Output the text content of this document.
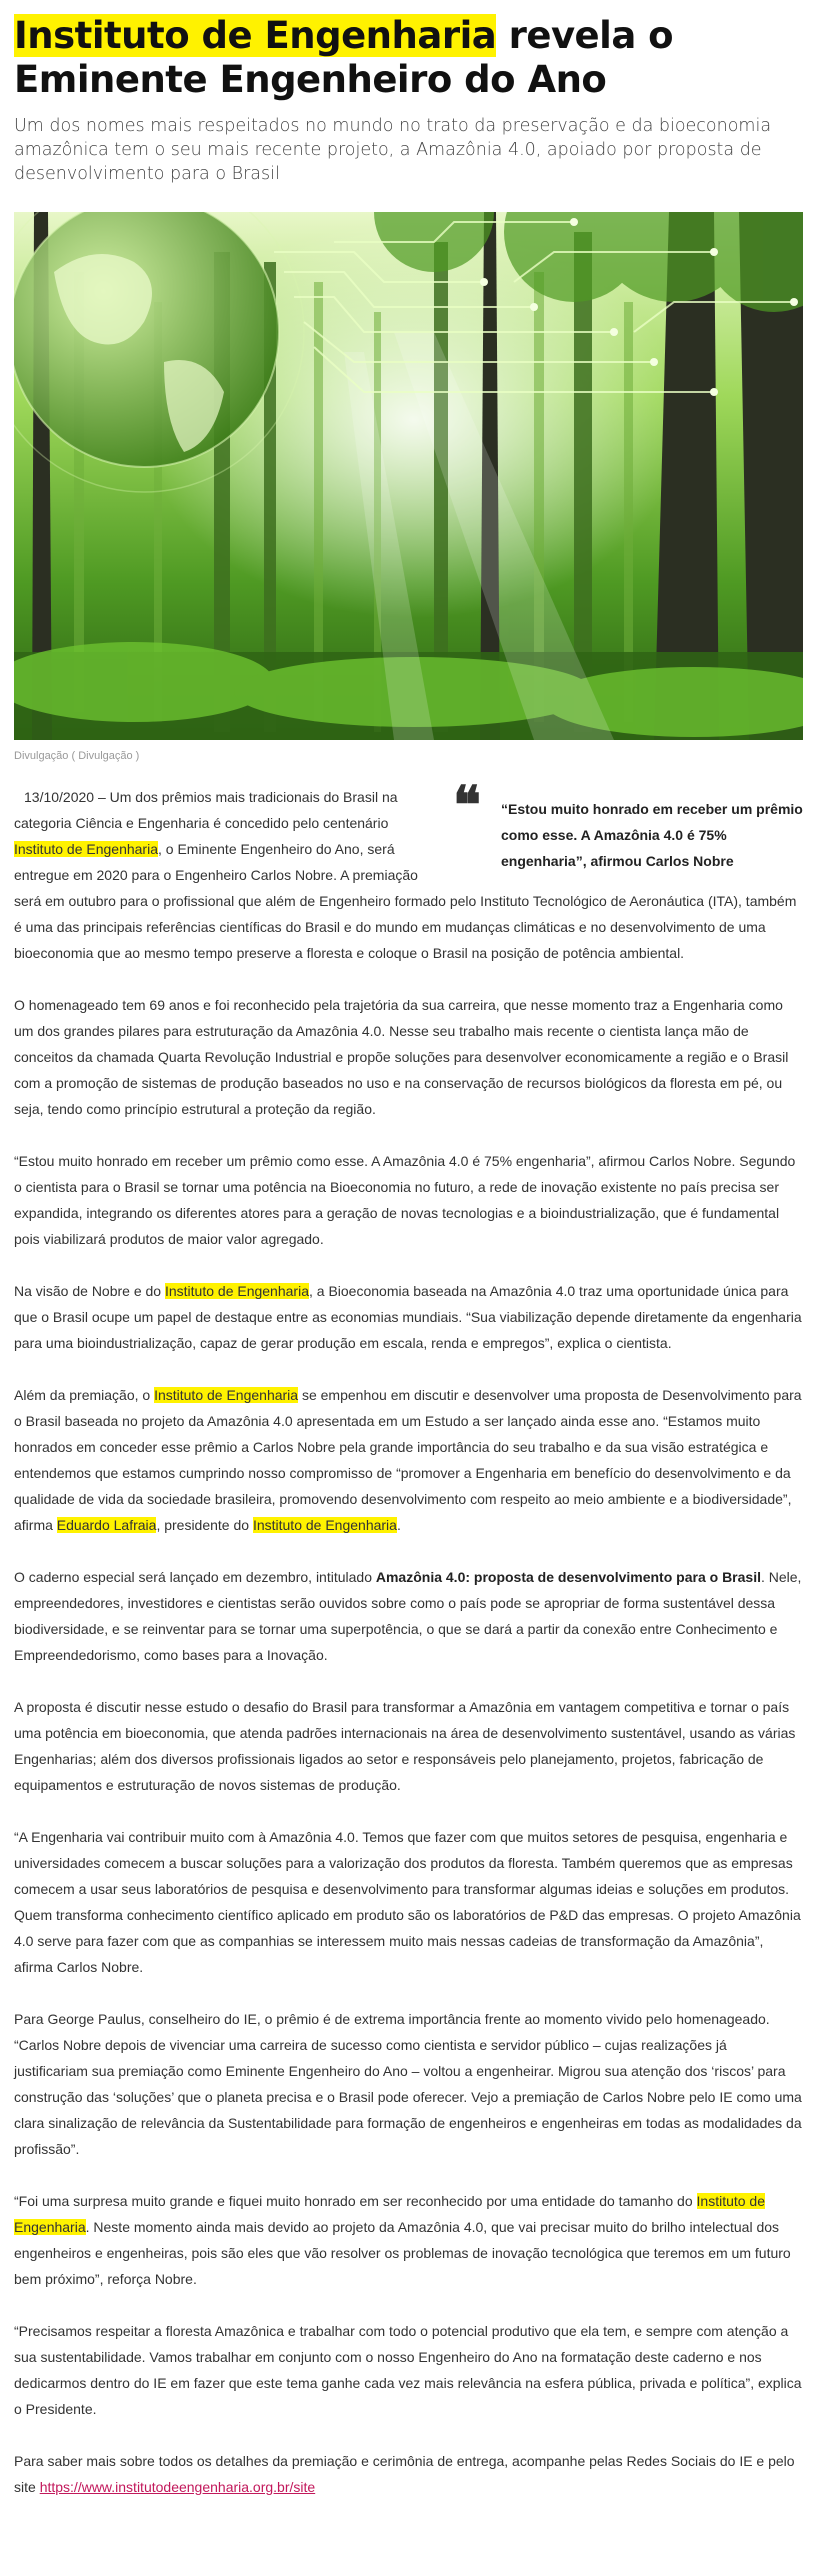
Instituto de Engenharia revela o Eminente Engenheiro do Ano

Um dos nomes mais respeitados no mundo no trato da preservação e da bioeconomia amazônica tem o seu mais recente projeto, a Amazônia 4.0, apoiado por proposta de desenvolvimento para o Brasil

Divulgação ( Divulgação )
❝ “Estou muito honrado em receber um prêmio como esse. A Amazônia 4.0 é 75% engenharia”, afirmou Carlos Nobre

13/10/2020 – Um dos prêmios mais tradicionais do Brasil na categoria Ciência e Engenharia é concedido pelo centenário Instituto de Engenharia, o Eminente Engenheiro do Ano, será entregue em 2020 para o Engenheiro Carlos Nobre. A premiação será em outubro para o profissional que além de Engenheiro formado pelo Instituto Tecnológico de Aeronáutica (ITA), também é uma das principais referências científicas do Brasil e do mundo em mudanças climáticas e no desenvolvimento de uma bioeconomia que ao mesmo tempo preserve a floresta e coloque o Brasil na posição de potência ambiental.

O homenageado tem 69 anos e foi reconhecido pela trajetória da sua carreira, que nesse momento traz a Engenharia como um dos grandes pilares para estruturação da Amazônia 4.0. Nesse seu trabalho mais recente o cientista lança mão de conceitos da chamada Quarta Revolução Industrial e propõe soluções para desenvolver economicamente a região e o Brasil com a promoção de sistemas de produção baseados no uso e na conservação de recursos biológicos da floresta em pé, ou seja, tendo como princípio estrutural a proteção da região.

“Estou muito honrado em receber um prêmio como esse. A Amazônia 4.0 é 75% engenharia”, afirmou Carlos Nobre. Segundo o cientista para o Brasil se tornar uma potência na Bioeconomia no futuro, a rede de inovação existente no país precisa ser expandida, integrando os diferentes atores para a geração de novas tecnologias e a bioindustrialização, que é fundamental pois viabilizará produtos de maior valor agregado.

Na visão de Nobre e do Instituto de Engenharia, a Bioeconomia baseada na Amazônia 4.0 traz uma oportunidade única para que o Brasil ocupe um papel de destaque entre as economias mundiais. “Sua viabilização depende diretamente da engenharia para uma bioindustrialização, capaz de gerar produção em escala, renda e empregos”, explica o cientista.

Além da premiação, o Instituto de Engenharia se empenhou em discutir e desenvolver uma proposta de Desenvolvimento para o Brasil baseada no projeto da Amazônia 4.0 apresentada em um Estudo a ser lançado ainda esse ano. “Estamos muito honrados em conceder esse prêmio a Carlos Nobre pela grande importância do seu trabalho e da sua visão estratégica e entendemos que estamos cumprindo nosso compromisso de “promover a Engenharia em benefício do desenvolvimento e da qualidade de vida da sociedade brasileira, promovendo desenvolvimento com respeito ao meio ambiente e a biodiversidade”, afirma Eduardo Lafraia, presidente do Instituto de Engenharia.

O caderno especial será lançado em dezembro, intitulado Amazônia 4.0: proposta de desenvolvimento para o Brasil. Nele, empreendedores, investidores e cientistas serão ouvidos sobre como o país pode se apropriar de forma sustentável dessa biodiversidade, e se reinventar para se tornar uma superpotência, o que se dará a partir da conexão entre Conhecimento e Empreendedorismo, como bases para a Inovação.

A proposta é discutir nesse estudo o desafio do Brasil para transformar a Amazônia em vantagem competitiva e tornar o país uma potência em bioeconomia, que atenda padrões internacionais na área de desenvolvimento sustentável, usando as várias Engenharias; além dos diversos profissionais ligados ao setor e responsáveis pelo planejamento, projetos, fabricação de equipamentos e estruturação de novos sistemas de produção.

“A Engenharia vai contribuir muito com à Amazônia 4.0. Temos que fazer com que muitos setores de pesquisa, engenharia e universidades comecem a buscar soluções para a valorização dos produtos da floresta. Também queremos que as empresas comecem a usar seus laboratórios de pesquisa e desenvolvimento para transformar algumas ideias e soluções em produtos. Quem transforma conhecimento científico aplicado em produto são os laboratórios de P&D das empresas. O projeto Amazônia 4.0 serve para fazer com que as companhias se interessem muito mais nessas cadeias de transformação da Amazônia”, afirma Carlos Nobre.

Para George Paulus, conselheiro do IE, o prêmio é de extrema importância frente ao momento vivido pelo homenageado. “Carlos Nobre depois de vivenciar uma carreira de sucesso como cientista e servidor público – cujas realizações já justificariam sua premiação como Eminente Engenheiro do Ano – voltou a engenheirar. Migrou sua atenção dos ‘riscos’ para construção das ‘soluções’ que o planeta precisa e o Brasil pode oferecer. Vejo a premiação de Carlos Nobre pelo IE como uma clara sinalização de relevância da Sustentabilidade para formação de engenheiros e engenheiras em todas as modalidades da profissão”.

“Foi uma surpresa muito grande e fiquei muito honrado em ser reconhecido por uma entidade do tamanho do Instituto de Engenharia. Neste momento ainda mais devido ao projeto da Amazônia 4.0, que vai precisar muito do brilho intelectual dos engenheiros e engenheiras, pois são eles que vão resolver os problemas de inovação tecnológica que teremos em um futuro bem próximo”, reforça Nobre.

“Precisamos respeitar a floresta Amazônica e trabalhar com todo o potencial produtivo que ela tem, e sempre com atenção a sua sustentabilidade. Vamos trabalhar em conjunto com o nosso Engenheiro do Ano na formatação deste caderno e nos dedicarmos dentro do IE em fazer que este tema ganhe cada vez mais relevância na esfera pública, privada e política”, explica o Presidente.

Para saber mais sobre todos os detalhes da premiação e cerimônia de entrega, acompanhe pelas Redes Sociais do IE e pelo site https://www.institutodeengenharia.org.br/site
